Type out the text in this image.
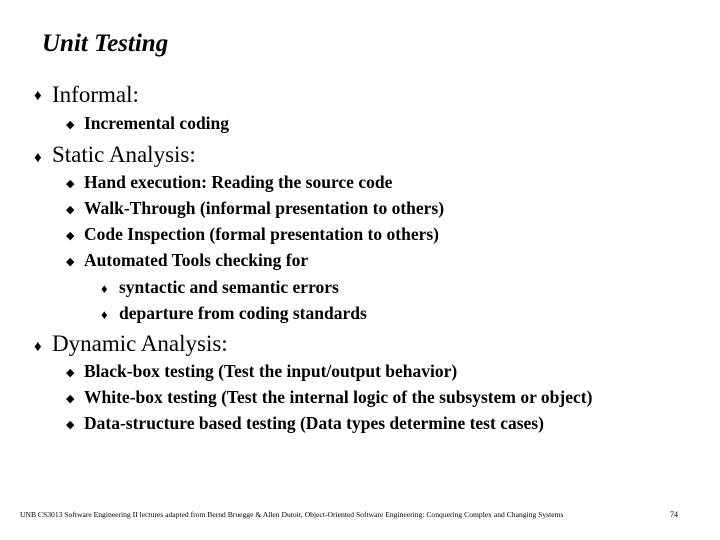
Unit Testing
♦ Informal:
◆ Incremental coding
♦ Static Analysis:
◆ Hand execution: Reading the source code
◆ Walk-Through (informal presentation to others)
◆ Code Inspection (formal presentation to others)
◆ Automated Tools checking for
♦ syntactic and semantic errors
♦ departure from coding standards
♦ Dynamic Analysis:
◆ Black-box testing (Test the input/output behavior)
◆ White-box testing (Test the internal logic of the subsystem or object)
◆ Data-structure based testing (Data types determine test cases)
UNB CS3013 Software Engineering II lectures adapted from Bernd Bruegge & Allen Dutoit, Object-Oriented Software Engineering: Conquering Complex and Changing Systems	74
